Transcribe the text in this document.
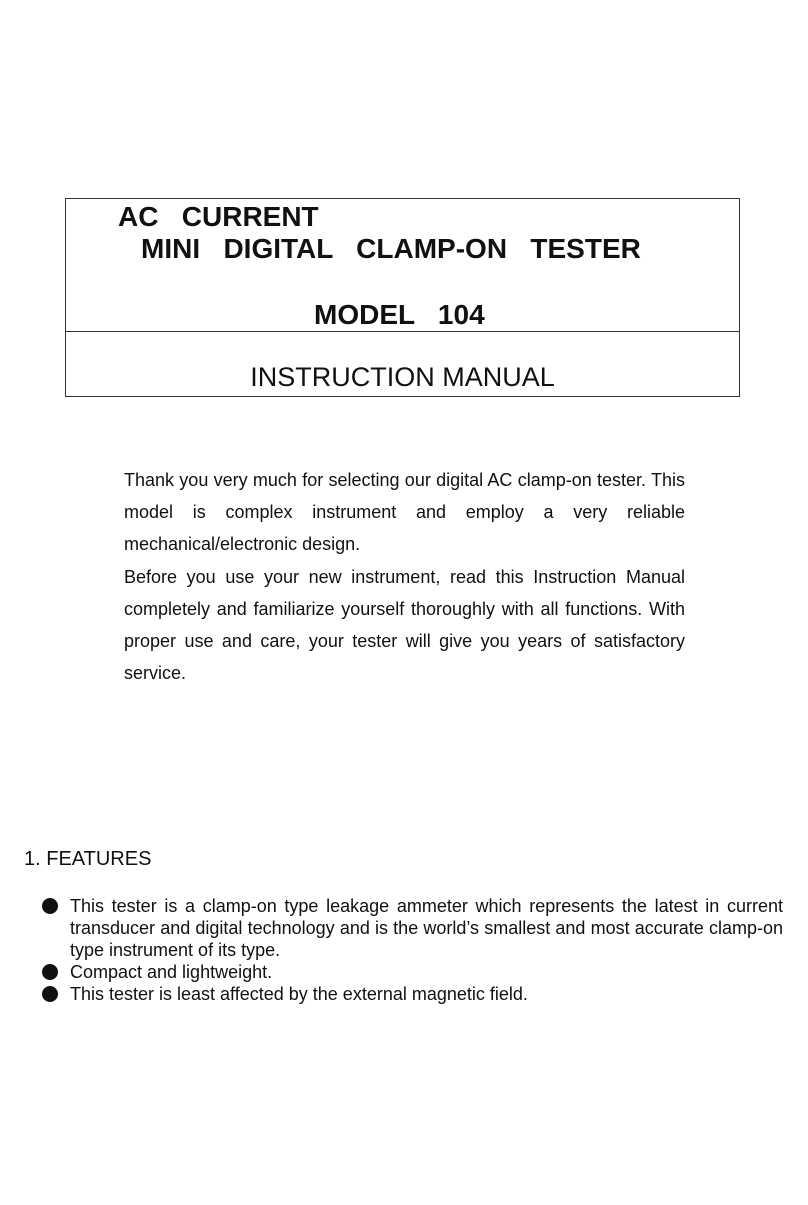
AC   CURRENT
MINI   DIGITAL   CLAMP-ON   TESTER
MODEL   104
INSTRUCTION MANUAL

Thank you very much for selecting our digital AC clamp-on tester. This model is complex instrument and employ a very reliable mechanical/electronic design.

Before you use your new instrument, read this Instruction Manual completely and familiarize yourself thoroughly with all functions. With proper use and care, your tester will give you years of satisfactory service.

1. FEATURES
This tester is a clamp-on type leakage ammeter which represents the latest in current transducer and digital technology and is the world’s smallest and most accurate clamp-on type instrument of its type.
Compact and lightweight.
This tester is least affected by the external magnetic field.
